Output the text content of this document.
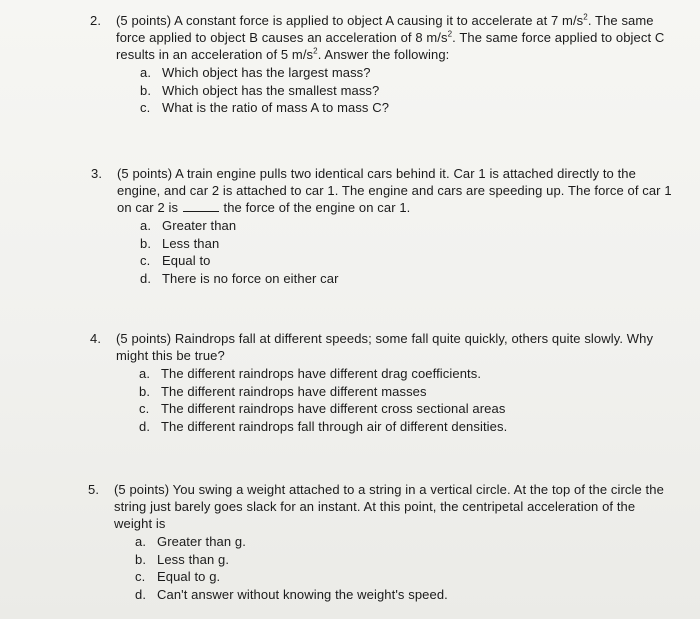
2.	(5 points) A constant force is applied to object A causing it to accelerate at 7 $m/s^2$. The same
force applied to object B causes an acceleration of 8 $m/s^2$. The same force applied to object C
results in an acceleration of 5 $m/s^2$. Answer the following:
a. Which object has the largest mass?
b. Which object has the smallest mass?
c. What is the ratio of mass A to mass C?
3.	(5 points) A train engine pulls two identical cars behind it. Car 1 is attached directly to the
engine, and car 2 is attached to car 1. The engine and cars are speeding up. The force of car 1
on car 2 is	the force of the engine on car 1.
a. Greater than
b. Less than
c. Equal to
d. There is no force on either car
4.	(5 points) Raindrops fall at different speeds; some fall quite quickly, others quite slowly. Why
might this be true?
a. The different raindrops have different drag coefficients.
b. The different raindrops have different masses
c. The different raindrops have different cross sectional areas
d. The different raindrops fall through air of different densities.
5.	(5 points) You swing a weight attached to a string in a vertical circle. At the top of the circle the
string just barely goes slack for an instant. At this point, the centripetal acceleration of the
weight is
a. Greater than g.
b. Less than g.
c. Equal to g.
d. Can't answer without knowing the weight's speed.
